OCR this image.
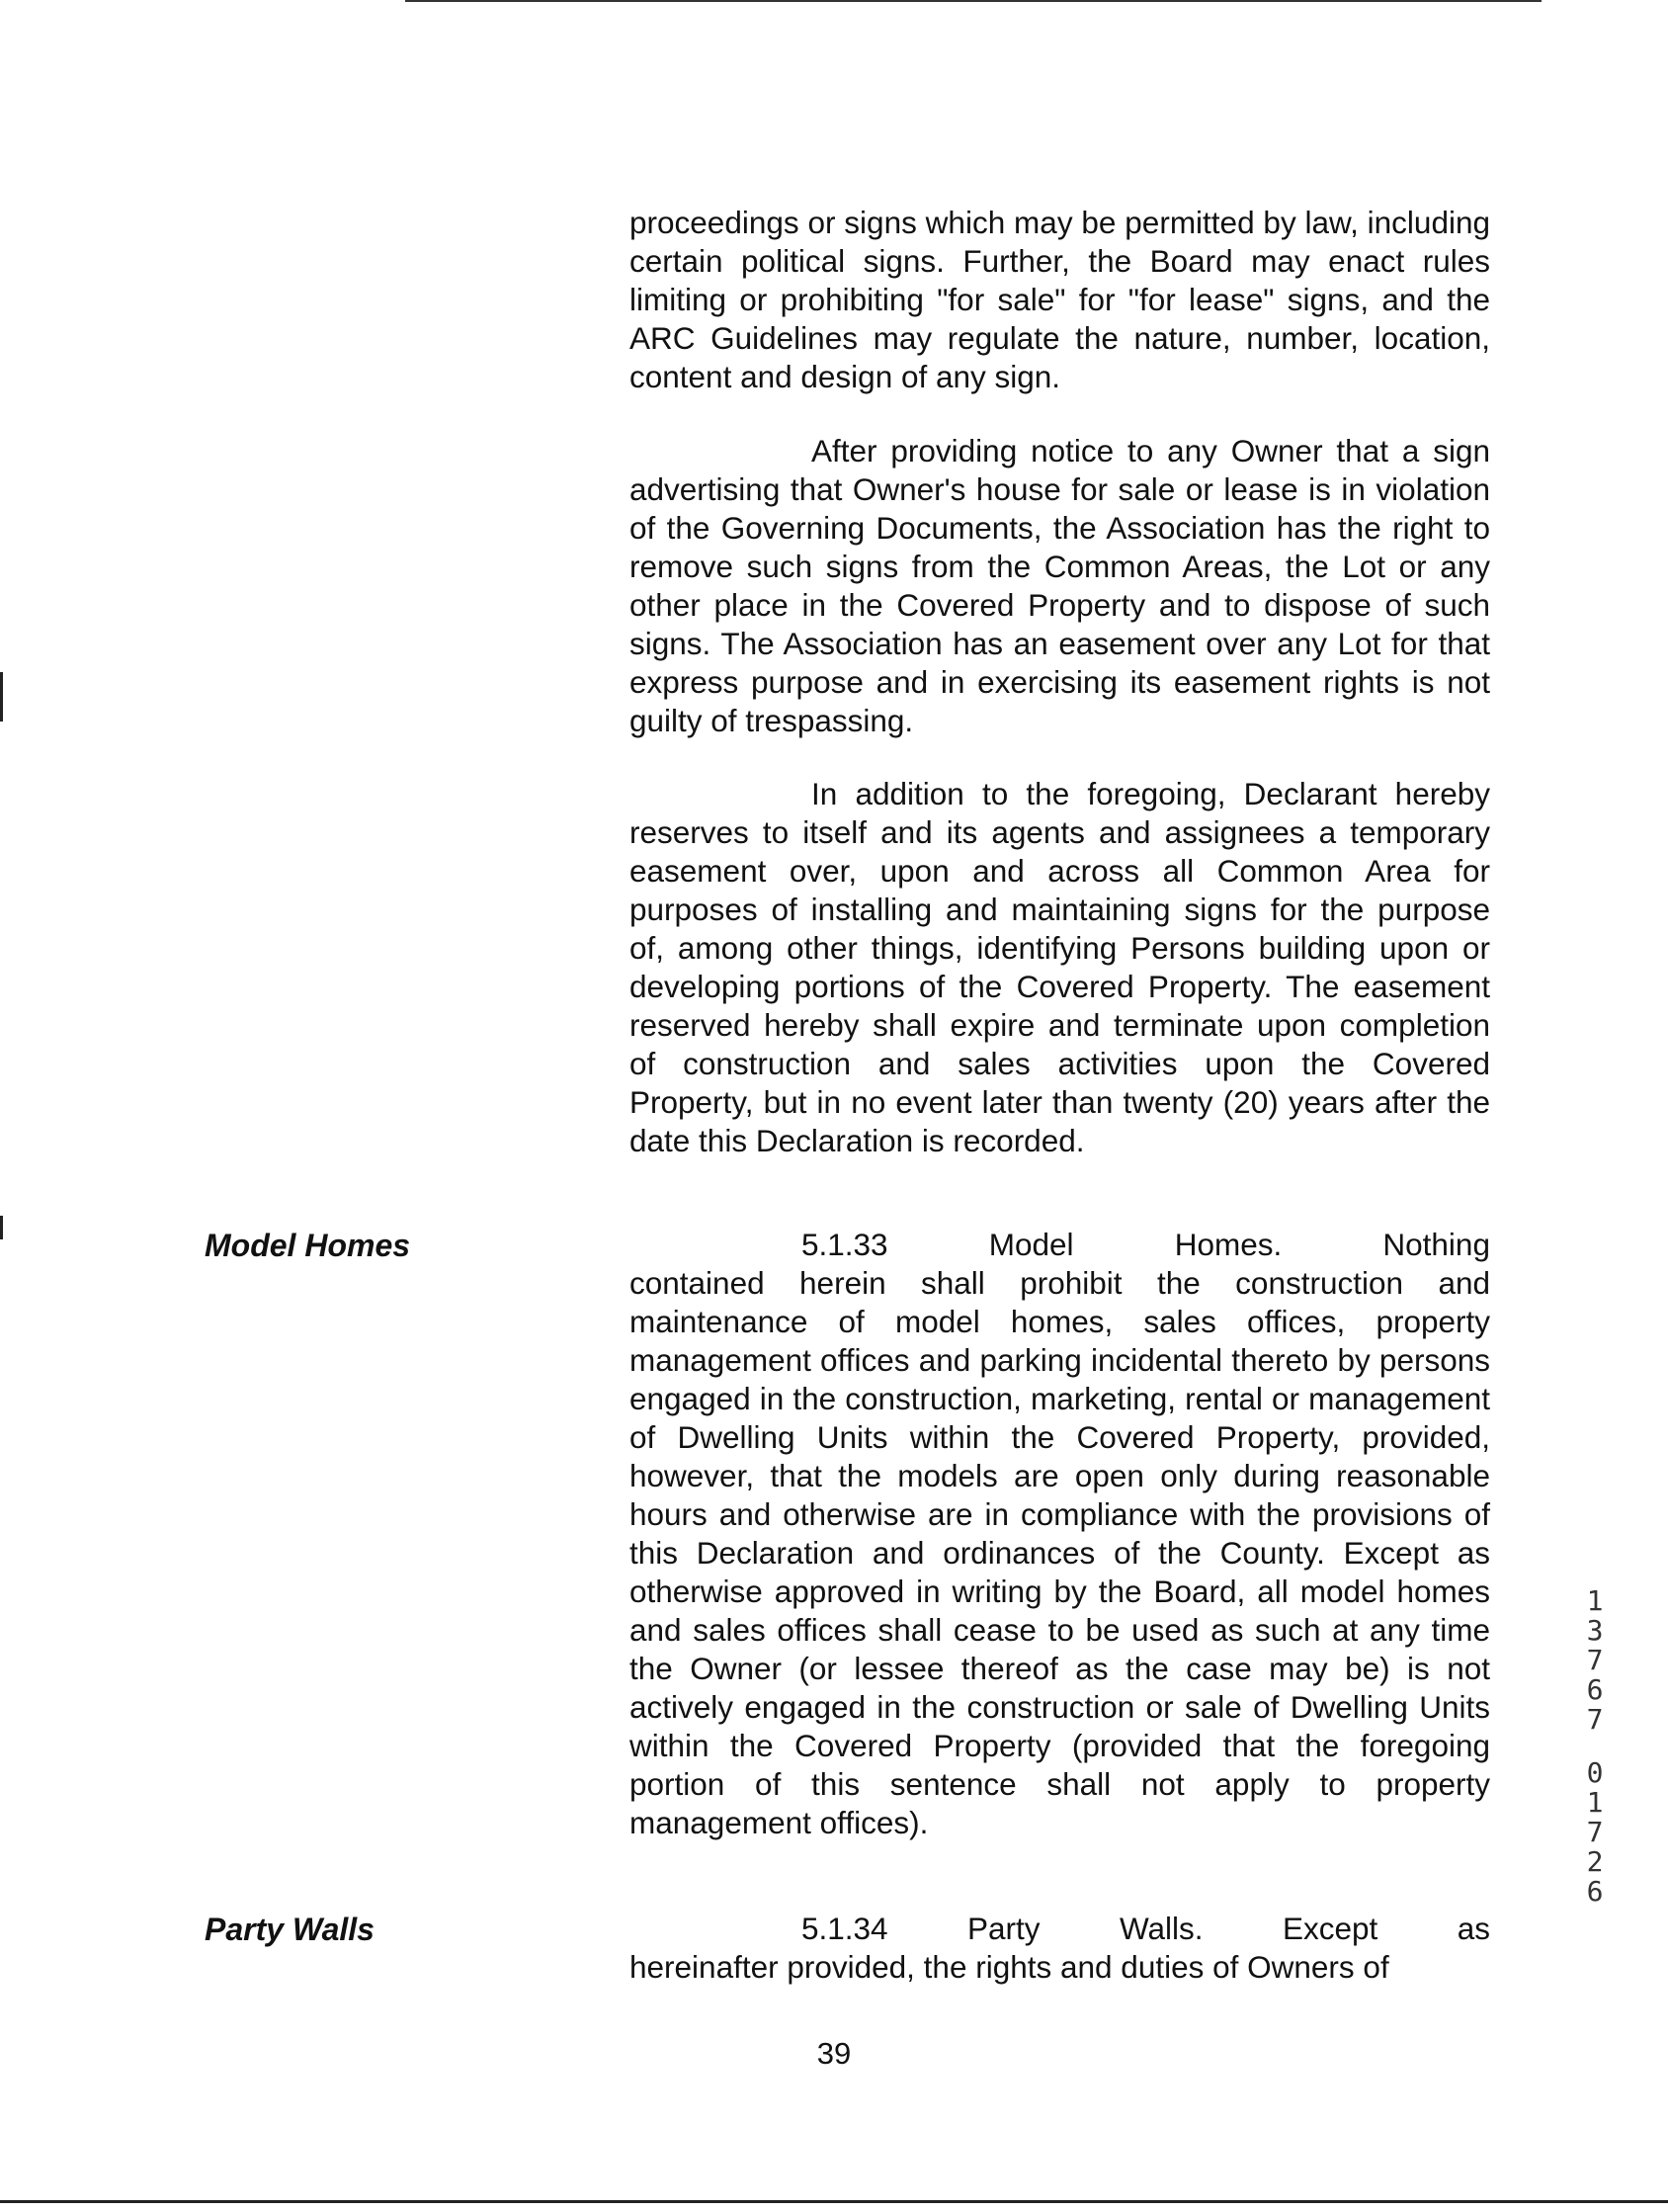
proceedings or signs which may be permitted by law, including certain political signs. Further, the Board may enact rules limiting or prohibiting "for sale" for "for lease" signs, and the ARC Guidelines may regulate the nature, number, location, content and design of any sign.

After providing notice to any Owner that a sign advertising that Owner's house for sale or lease is in violation of the Governing Documents, the Association has the right to remove such signs from the Common Areas, the Lot or any other place in the Covered Property and to dispose of such signs. The Association has an easement over any Lot for that express purpose and in exercising its easement rights is not guilty of trespassing.

In addition to the foregoing, Declarant hereby reserves to itself and its agents and assignees a temporary easement over, upon and across all Common Area for purposes of installing and maintaining signs for the purpose of, among other things, identifying Persons building upon or developing portions of the Covered Property. The easement reserved hereby shall expire and terminate upon completion of construction and sales activities upon the Covered Property, but in no event later than twenty (20) years after the date this Declaration is recorded.

Model Homes	5.1.33	Model	Homes.	Nothing

contained herein shall prohibit the construction and maintenance of model homes, sales offices, property management offices and parking incidental thereto by persons engaged in the construction, marketing, rental or management of Dwelling Units within the Covered Property, provided, however, that the models are open only during reasonable hours and otherwise are in compliance with the provisions of this Declaration and ordinances of the County. Except as otherwise approved in writing by the Board, all model homes and sales offices shall cease to be used as such at any time the Owner (or lessee thereof as the case may be) is not actively engaged in the construction or sale of Dwelling Units within the Covered Property (provided that the foregoing portion of this sentence shall not apply to property management offices).

Party Walls	5.1.34	Party	Walls.	Except	as

hereinafter provided, the rights and duties of Owners of

39
1
3
7
6
7
0
1
7
2
6
